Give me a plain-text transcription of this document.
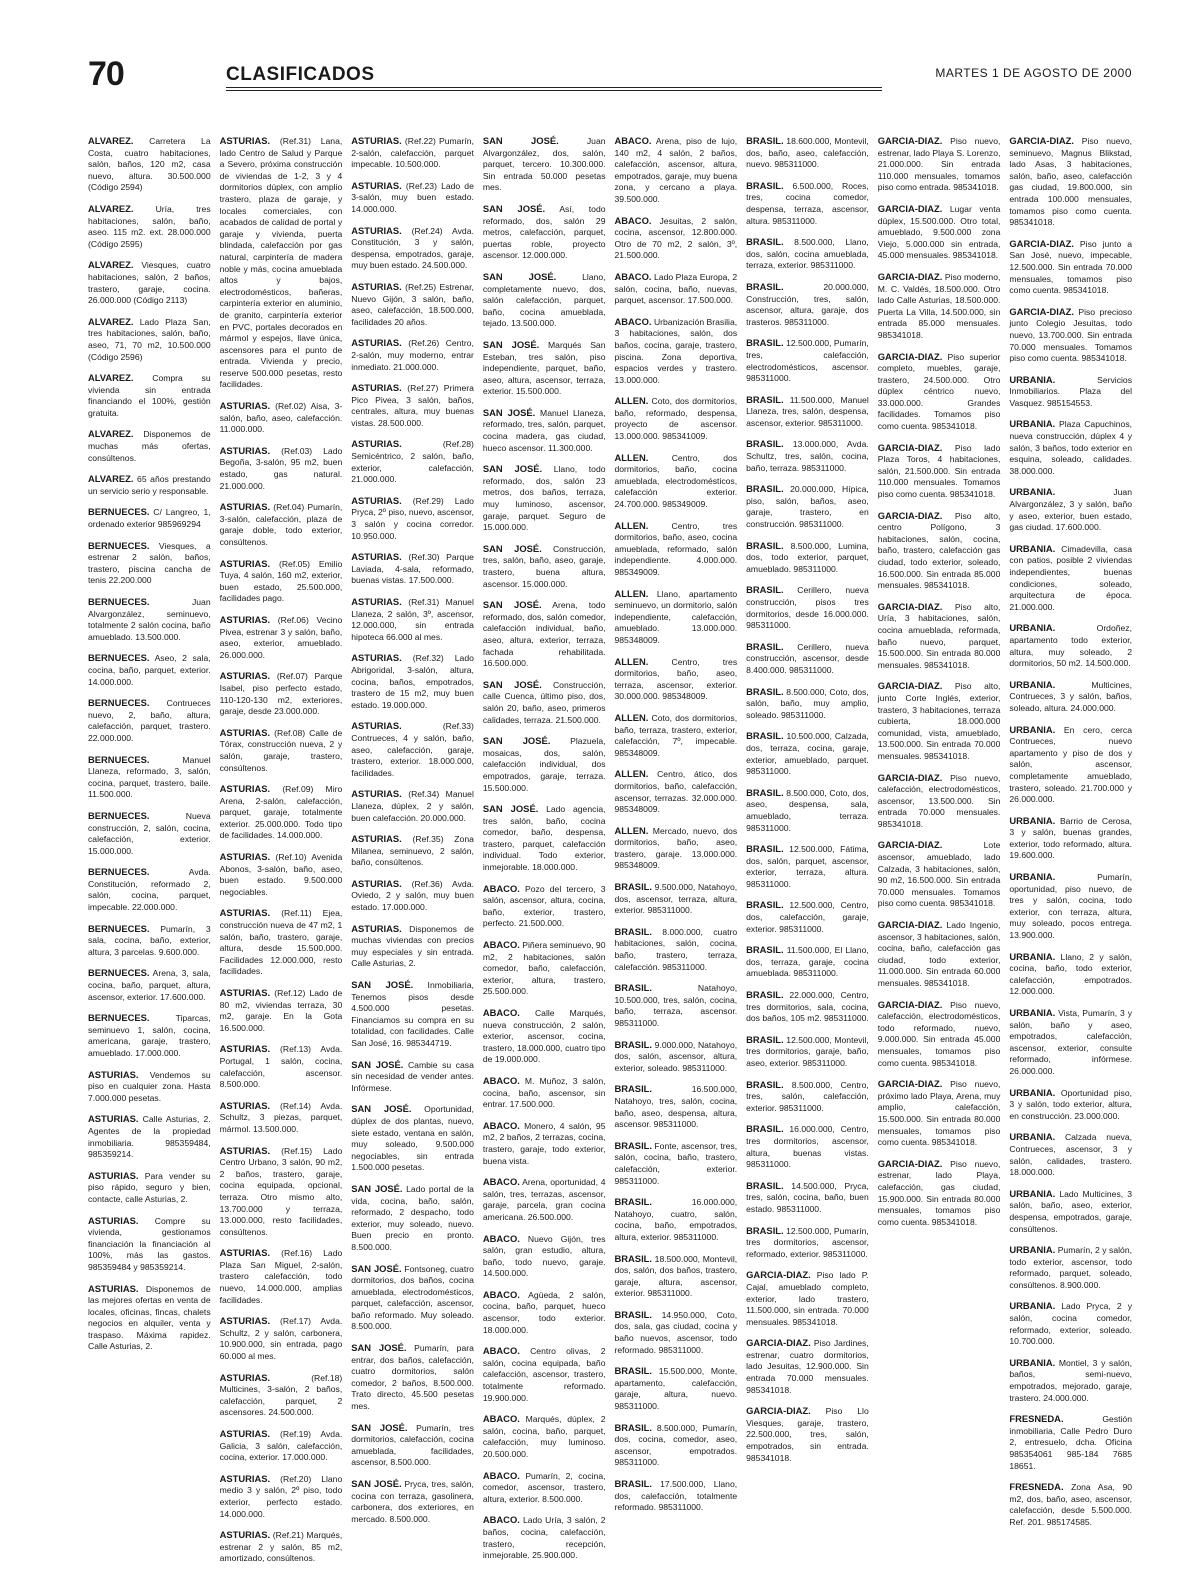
70	CLASIFICADOS	MARTES 1 DE AGOSTO DE 2000

ALVAREZ. Carretera La Costa, cuatro habitaciones, salón, baños, 120 m2, casa nuevo, altura. 30.500.000 (Código 2594)

ALVAREZ. Uría, tres habitaciones, salón, baño, aseo. 115 m2. ext. 28.000.000 (Código 2595)

ALVAREZ. Viesques, cuatro habitaciones, salón, 2 baños, trastero, garaje, cocina. 26.000.000 (Código 2113)

ALVAREZ. Lado Plaza San, tres habitaciones, salón, baño, aseo, 71, 70 m2, 10.500.000 (Código 2596)

ALVAREZ. Compra su vivienda sin entrada financiando el 100%, gestión gratuita.

ALVAREZ. Disponemos de muchas más ofertas, consúltenos.

ALVAREZ. 65 años prestando un servicio serio y responsable.

BERNUECES. C/ Langreo, 1, ordenado exterior 985969294

BERNUECES. Viesques, a estrenar 2 salón, baños, trastero, piscina cancha de tenis 22.200.000

BERNUECES. Juan Alvargonzález, seminuevo, totalmente 2 salón cocina, baño amueblado. 13.500.000.

BERNUECES. Aseo, 2 sala, cocina, baño, parquet, exterior. 14.000.000.

BERNUECES. Contrueces nuevo, 2, baño, altura, calefacción, parquet, trastero. 22.000.000.

BERNUECES. Manuel Llaneza, reformado, 3, salón, cocina, parquet, trastero, baile. 11.500.000.

BERNUECES. Nueva construcción, 2, salón, cocina, calefacción, exterior. 15.000.000.

BERNUECES. Avda. Constitución, reformado 2, salón, cocina, parquet, impecable. 22.000.000.

BERNUECES. Pumarín, 3 sala, cocina, baño, exterior, altura, 3 parcelas. 9.600.000.

BERNUECES. Arena, 3, sala, cocina, baño, parquet, altura, ascensor, exterior. 17.600.000.

BERNUECES. Tiparcas, seminuevo 1, salón, cocina, americana, garaje, trastero, amueblado. 17.000.000.

ASTURIAS. Vendemos su piso en cualquier zona. Hasta 7.000.000 pesetas.

ASTURIAS. Calle Asturias, 2. Agentes de la propiedad inmobiliaria. 985359484, 985359214.

ASTURIAS. Para vender su piso rápido, seguro y bien, contacte, calle Asturias, 2.

ASTURIAS. Compre su vivienda, gestionamos financiación la financiación al 100%, más las gastos. 985359484 y 985359214.

ASTURIAS. Disponemos de las mejores ofertas en venta de locales, oficinas, fincas, chalets negocios en alquiler, venta y traspaso. Máxima rapidez. Calle Asturias, 2.

ASTURIAS. (Ref.31) Lana, lado Centro de Salud y Parque a Severo, próxima construcción de viviendas de 1-2, 3 y 4 dormitorios dúplex, con amplio trastero, plaza de garaje, y locales comerciales, con acabados de calidad de portal y garaje y vivienda, puerta blindada, calefacción por gas natural, carpintería de madera noble y más, cocina amueblada altos y bajos, electrodomésticos, bañeras, carpintería exterior en aluminio, de granito, carpintería exterior en PVC, portales decorados en mármol y espejos, llave única, ascensores para el punto de entrada. Vivienda y precio, reserve 500.000 pesetas, resto facilidades.

ASTURIAS. (Ref.02) Aisa, 3-salón, baño, aseo, calefacción. 11.000.000.

ASTURIAS. (Ref.03) Lado Begoña, 3-salón, 95 m2, buen estado, gas natural. 21.000.000.

ASTURIAS. (Ref.04) Pumarín, 3-salón, calefacción, plaza de garaje doble, todo exterior, consúltenos.

ASTURIAS. (Ref.05) Emilio Tuya, 4 salón, 160 m2, exterior, buen estado, 25.500.000, facilidades pago.

ASTURIAS. (Ref.06) Vecino Pivea, estrenar 3 y salón, baño, aseo, exterior, amueblado. 26.000.000.

ASTURIAS. (Ref.07) Parque Isabel, piso perfecto estado, 110-120-130 m2, exteriores, garaje, desde 23.000.000.

ASTURIAS. (Ref.08) Calle de Tórax, construcción nueva, 2 y salón, garaje, trastero, consúltenos.

ASTURIAS. (Ref.09) Miro Arena, 2-salón, calefacción, parquet, garaje, totalmente exterior. 25.000.000. Todo tipo de facilidades. 14.000.000.

ASTURIAS. (Ref.10) Avenida Abonos, 3-salón, baño, aseo, buen estado. 9.500.000 negociables.

ASTURIAS. (Ref.11) Ejea, construcción nueva de 47 m2, 1 salón, baño, trastero, garaje, altura, desde 15.500.000. Facilidades 12.000.000, resto facilidades.

ASTURIAS. (Ref.12) Lado de 80 m2, viviendas terraza, 30 m2, garaje. En la Gota 16.500.000.

ASTURIAS. (Ref.13) Avda. Portugal, 1 salón, cocina, calefacción, ascensor. 8.500.000.

ASTURIAS. (Ref.14) Avda. Schultz, 3 piezas, parquet, mármol. 13.500.000.

ASTURIAS. (Ref.15) Lado Centro Urbano, 3 salón, 90 m2, 2 baños, trastero, garaje, cocina equipada, opcional, terraza. Otro mismo alto, 13.700.000 y terraza, 13.000.000, resto facilidades, consúltenos.

ASTURIAS. (Ref.16) Lado Plaza San Miguel, 2-salón, trastero calefacción, todo nuevo, 14.000.000, amplias facilidades.

ASTURIAS. (Ref.17) Avda. Schultz, 2 y salón, carbonera, 10.900.000, sin entrada, pago 60.000 al mes.

ASTURIAS. (Ref.18) Multicines, 3-salón, 2 baños, calefacción, parquet, 2 ascensores. 24.500.000.

ASTURIAS. (Ref.19) Avda. Galicia, 3 salón, calefacción, cocina, exterior. 17.000.000.

ASTURIAS. (Ref.20) Llano medio 3 y salón, 2º piso, todo exterior, perfecto estado. 14.000.000.

ASTURIAS. (Ref.21) Marqués, estrenar 2 y salón, 85 m2, amortizado, consúltenos.

ASTURIAS. (Ref.22) Pumarín, 2-salón, calefacción, parquet impecable. 10.500.000.

ASTURIAS. (Ref.23) Lado de 3-salón, muy buen estado. 14.000.000.

ASTURIAS. (Ref.24) Avda. Constitución, 3 y salón, despensa, empotrados, garaje, muy buen estado. 24.500.000.

ASTURIAS. (Ref.25) Estrenar, Nuevo Gijón, 3 salón, baño, aseo, calefacción, 18.500.000, facilidades 20 años.

ASTURIAS. (Ref.26) Centro, 2-salón, muy moderno, entrar inmediato. 21.000.000.

ASTURIAS. (Ref.27) Primera Pico Pivea, 3 salón, baños, centrales, altura, muy buenas vistas. 28.500.000.

ASTURIAS. (Ref.28) Semicéntrico, 2 salón, baño, exterior, calefacción, 21.000.000.

ASTURIAS. (Ref.29) Lado Pryca, 2º piso, nuevo, ascensor, 3 salón y cocina corredor. 10.950.000.

ASTURIAS. (Ref.30) Parque Laviada, 4-sala, reformado, buenas vistas. 17.500.000.

ASTURIAS. (Ref.31) Manuel Llaneza, 2 salón, 3º, ascensor, 12.000.000, sin entrada hipoteca 66.000 al mes.

ASTURIAS. (Ref.32) Lado Abrigoridal, 3-salón, altura, cocina, baños, empotrados, trastero de 15 m2, muy buen estado. 19.000.000.

ASTURIAS. (Ref.33) Contrueces, 4 y salón, baño, aseo, calefacción, garaje, trastero, exterior. 18.000.000, facilidades.

ASTURIAS. (Ref.34) Manuel Llaneza, dúplex, 2 y salón, buen calefacción. 20.000.000.

ASTURIAS. (Ref.35) Zona Milanea, seminuevo, 2 salón, baño, consúltenos.

ASTURIAS. (Ref.36) Avda. Oviedo, 2 y salón, muy buen estado. 17.000.000.

ASTURIAS. Disponemos de muchas viviendas con precios muy especiales y sin entrada. Calle Asturias, 2.

SAN JOSÉ. Inmobiliaria, Tenemos pisos desde 4.500.000 pesetas. Financiamos su compra en su totalidad, con facilidades. Calle San José, 16. 985344719.

SAN JOSÉ. Cambie su casa sin necesidad de vender antes. Infórmese.

SAN JOSÉ. Oportunidad, dúplex de dos plantas, nuevo, siete estado, ventana en salón, muy soleado, 9.500.000 negociables, sin entrada 1.500.000 pesetas.

SAN JOSÉ. Lado portal de la vida, cocina, baño, salón, reformado, 2 despacho, todo exterior, muy soleado, nuevo. Buen precio en pronto. 8.500.000.

SAN JOSÉ. Fontsoneg, cuatro dormitorios, dos baños, cocina amueblada, electrodomésticos, parquet, calefacción, ascensor, baño reformado. Muy soleado. 8.500.000.

SAN JOSÉ. Pumarín, para entrar, dos baños, calefacción, cuatro dormitorios, salón comedor, 2 baños, 8.500.000. Trato directo, 45.500 pesetas mes.

SAN JOSÉ. Pumarín, tres dormitorios, calefacción, cocina amueblada, facilidades, ascensor, 8.500.000.

SAN JOSÉ. Pryca, tres, salón, cocina con terraza, gasolinera, carbonera, dos exteriores, en mercado. 8.500.000.

SAN JOSÉ. Juan Alvargonzález, dos, salón, parquet, tercero. 10.300.000. Sin entrada 50.000 pesetas mes.

SAN JOSÉ. Así, todo reformado, dos, salón 29 metros, calefacción, parquet, puertas roble, proyecto ascensor. 12.000.000.

SAN JOSÉ. Llano, completamente nuevo, dos, salón calefacción, parquet, baño, cocina amueblada, tejado. 13.500.000.

SAN JOSÉ. Marqués San Esteban, tres salón, piso independiente, parquet, baño, aseo, altura, ascensor, terraza, exterior. 15.500.000.

SAN JOSÉ. Manuel Llaneza, reformado, tres, salón, parquet, cocina madera, gas ciudad, hueco ascensor. 11.300.000.

SAN JOSÉ. Llano, todo reformado, dos, salón 23 metros, dos baños, terraza, muy luminoso, ascensor, garaje, parquet. Seguro de 15.000.000.

SAN JOSÉ. Construcción, tres, salón, baño, aseo, garaje, trastero, buena altura, ascensor. 15.000.000.

SAN JOSÉ. Arena, todo reformado, dos, salón comedor, calefacción individual, baño, aseo, altura, exterior, terraza, fachada rehabilitada. 16.500.000.

SAN JOSÉ. Construcción, calle Cuenca, último piso, dos, salón 20, baño, aseo, primeros calidades, terraza. 21.500.000.

SAN JOSÉ. Plazuela, mosaicas, dos, salón, calefacción individual, dos empotrados, garaje, terraza. 15.500.000.

SAN JOSÉ. Lado agencia, tres salón, baño, cocina comedor, baño, despensa, trastero, parquet, calefacción individual. Todo exterior, inmejorable. 18.000.000.

ABACO. Pozo del tercero, 3 salón, ascensor, altura, cocina, baño, exterior, trastero, perfecto. 21.500.000.

ABACO. Piñera seminuevo, 90 m2, 2 habitaciones, salón comedor, baño, calefacción, exterior, altura, trastero, 25.500.000.

ABACO. Calle Marqués, nueva construcción, 2 salón, exterior, ascensor, cocina, trastero, 18.000.000, cuatro tipo de 19.000.000.

ABACO. M. Muñoz, 3 salón, cocina, baño, ascensor, sin entrar. 17.500.000.

ABACO. Monero, 4 salón, 95 m2, 2 baños, 2 terrazas, cocina, trastero, garaje, todo exterior, buena vista.

ABACO. Arena, oportunidad, 4 salón, tres, terrazas, ascensor, garaje, parcela, gran cocina americana. 26.500.000.

ABACO. Nuevo Gijón, tres salón, gran estudio, altura, baño, todo nuevo, garaje. 14.500.000.

ABACO. Agüeda, 2 salón, cocina, baño, parquet, hueco ascensor, todo exterior. 18.000.000.

ABACO. Centro olivas, 2 salón, cocina equipada, baño calefacción, ascensor, trastero, totalmente reformado. 19.900.000.

ABACO. Marqués, dúplex, 2 salón, cocina, baño, parquet, calefacción, muy luminoso. 20.500.000.

ABACO. Pumarín, 2, cocina, comedor, ascensor, trastero, altura, exterior. 8.500.000.

ABACO. Lado Uría, 3 salón, 2 baños, cocina, calefacción, trastero, recepción, inmejorable. 25.900.000.

ABACO. Arena, piso de lujo, 140 m2, 4 salón, 2 baños, calefacción, ascensor, altura, empotrados, garaje, muy buena zona, y cercano a playa. 39.500.000.

ABACO. Jesuitas, 2 salón, cocina, ascensor, 12.800.000. Otro de 70 m2, 2 salón, 3º, 21.500.000.

ABACO. Lado Plaza Europa, 2 salón, cocina, baño, nuevas, parquet, ascensor. 17.500.000.

ABACO. Urbanización Brasilia, 3 habitaciones, salón, dos baños, cocina, garaje, trastero, piscina. Zona deportiva, espacios verdes y trastero. 13.000.000.

ALLEN. Coto, dos dormitorios, baño, reformado, despensa, proyecto de ascensor. 13.000.000. 985341009.

ALLEN. Centro, dos dormitorios, baño, cocina amueblada, electrodomésticos, calefacción exterior. 24.700.000. 985349009.

ALLEN. Centro, tres dormitorios, baño, aseo, cocina amueblada, reformado, salón independiente. 4.000.000. 985349009.

ALLEN. Llano, apartamento seminuevo, un dormitorio, salón independiente, calefacción, amueblado. 13.000.000. 985348009.

ALLEN. Centro, tres dormitorios, baño, aseo, terraza, ascensor, exterior. 30.000.000. 985348009.

ALLEN. Coto, dos dormitorios, baño, terraza, trastero, exterior, calefacción, 7º, impecable. 985348009.

ALLEN. Centro, ático, dos dormitorios, baño, calefacción, ascensor, terrazas. 32.000.000. 985348009.

ALLEN. Mercado, nuevo, dos dormitorios, baño, aseo, trastero, garaje. 13.000.000. 985348009.

BRASIL. 9.500.000, Natahoyo, dos, ascensor, terraza, altura, exterior. 985311000.

BRASIL. 8.000.000, cuatro habitaciones, salón, cocina, baño, trastero, terraza, calefacción. 985311000.

BRASIL. Natahoyo, 10.500.000, tres, salón, cocina, baño, terraza, ascensor. 985311000.

BRASIL. 9.000.000, Natahoyo, dos, salón, ascensor, altura, exterior, soleado. 985311000.

BRASIL. 16.500.000, Natahoyo, tres, salón, cocina, baño, aseo, despensa, altura, ascensor. 985311000.

BRASIL. Fonte, ascensor, tres, salón, cocina, baño, trastero, calefacción, exterior. 985311000.

BRASIL. 16.000.000, Natahoyo, cuatro, salón, cocina, baño, empotrados, altura, exterior. 985311000.

BRASIL. 18.500.000, Montevil, dos, salón, dos baños, trastero, garaje, altura, ascensor, exterior. 985311000.

BRASIL. 14.950.000, Coto, dos, sala, gas ciudad, cocina y baño nuevos, ascensor, todo reformado. 985311000.

BRASIL. 15.500.000, Monte, apartamento, calefacción, garaje, altura, nuevo. 985311000.

BRASIL. 8.500.000, Pumarín, dos, cocina, comedor, aseo, ascensor, empotrados. 985311000.

BRASIL. 17.500.000, Llano, dos, calefacción, totalmente reformado. 985311000.

BRASIL. 18.600.000, Montevil, dos, baño, aseo, calefacción, nuevo. 985311000.

BRASIL. 6.500.000, Roces, tres, cocina comedor, despensa, terraza, ascensor, altura. 985311000.

BRASIL. 8.500.000, Llano, dos, salón, cocina amueblada, terraza, exterior. 985311000.

BRASIL. 20.000.000, Construcción, tres, salón, ascensor, altura, garaje, dos trasteros. 985311000.

BRASIL. 12.500.000, Pumarín, tres, calefacción, electrodomésticos, ascensor. 985311000.

BRASIL. 11.500.000, Manuel Llaneza, tres, salón, despensa, ascensor, exterior. 985311000.

BRASIL. 13.000.000, Avda. Schultz, tres, salón, cocina, baño, terraza. 985311000.

BRASIL. 20.000.000, Hípica, piso, salón, baños, aseo, garaje, trastero, en construcción. 985311000.

BRASIL. 8.500.000, Lumina, dos, todo exterior, parquet, amueblado. 985311000.

BRASIL. Cerillero, nueva construcción, pisos tres dormitorios, desde 16.000.000. 985311000.

BRASIL. Cerillero, nueva construcción, ascensor, desde 8.400.000. 985311000.

BRASIL. 8.500.000, Coto, dos, salón, baño, muy amplio, soleado. 985311000.

BRASIL. 10.500.000, Calzada, dos, terraza, cocina, garaje, exterior, amueblado, parquet. 985311000.

BRASIL. 8.500.000, Coto, dos, aseo, despensa, sala, amueblado, terraza. 985311000.

BRASIL. 12.500.000, Fátima, dos, salón, parquet, ascensor, exterior, terraza, altura. 985311000.

BRASIL. 12.500.000, Centro, dos, calefacción, garaje, exterior. 985311000.

BRASIL. 11.500.000, El Llano, dos, terraza, garaje, cocina amueblada. 985311000.

BRASIL. 22.000.000, Centro, tres dormitorios, sala, cocina, dos baños, 105 m2. 985311000.

BRASIL. 12.500.000, Montevil, tres dormitorios, garaje, baño, aseo, exterior. 985311000.

BRASIL. 8.500.000, Centro, tres, salón, calefacción, exterior. 985311000.

BRASIL. 16.000.000, Centro, tres dormitorios, ascensor, altura, buenas vistas. 985311000.

BRASIL. 14.500.000, Pryca, tres, salón, cocina, baño, buen estado. 985311000.

BRASIL. 12.500.000, Pumarín, tres dormitorios, ascensor, reformado, exterior. 985311000.

GARCIA-DIAZ. Piso lado P. Cajal, amueblado completo, exterior, lado trastero, 11.500.000, sin entrada. 70.000 mensuales. 985341018.

GARCIA-DIAZ. Piso Jardines, estrenar, cuatro dormitorios, lado Jesuitas, 12.900.000. Sin entrada 70.000 mensuales. 985341018.

GARCIA-DIAZ. Piso Llo Viesques, garaje, trastero, 22.500.000, tres, salón, empotrados, sin entrada. 985341018.

GARCIA-DIAZ. Piso nuevo, estrenar, lado Playa S. Lorenzo, 21.000.000. Sin entrada 110.000 mensuales, tomamos piso como entrada. 985341018.

GARCIA-DIAZ. Lugar venta dúplex, 15.500.000. Otro total, amueblado, 9.500.000 zona Viejo, 5.000.000 sin entrada, 45.000 mensuales. 985341018.

GARCIA-DIAZ. Piso moderno, M. C. Valdés, 18.500.000. Otro lado Calle Asturias, 18.500.000. Puerta La Villa, 14.500.000, sin entrada 85.000 mensuales. 985341018.

GARCIA-DIAZ. Piso superior completo, muebles, garaje, trastero, 24.500.000. Otro dúplex céntrico nuevo, 33.000.000. Grandes facilidades. Tomamos piso como cuenta. 985341018.

GARCIA-DIAZ. Piso lado Plaza Toros, 4 habitaciones, salón, 21.500.000. Sin entrada 110.000 mensuales. Tomamos piso como cuenta. 985341018.

GARCIA-DIAZ. Piso alto, centro Polígono, 3 habitaciones, salón, cocina, baño, trastero, calefacción gas ciudad, todo exterior, soleado, 16.500.000. Sin entrada 85.000 mensuales. 985341018.

GARCIA-DIAZ. Piso alto, Uría, 3 habitaciones, salón, cocina amueblada, reformada, baño nuevo, parquet, 15.500.000. Sin entrada 80.000 mensuales. 985341018.

GARCIA-DIAZ. Piso alto, junto Corte Inglés, exterior, trastero, 3 habitaciones, terraza cubierta, 18.000.000 comunidad, vista, amueblado, 13.500.000. Sin entrada 70.000 mensuales. 985341018.

GARCIA-DIAZ. Piso nuevo, calefacción, electrodomésticos, ascensor, 13.500.000. Sin entrada 70.000 mensuales. 985341018.

GARCIA-DIAZ. Lote ascensor, amueblado, lado Calzada, 3 habitaciones, salón, 90 m2, 16.500.000. Sin entrada 70.000 mensuales. Tomamos piso como cuenta. 985341018.

GARCIA-DIAZ. Lado Ingenio, ascensor, 3 habitaciones, salón, cocina, baño, calefacción gas ciudad, todo exterior, 11.000.000. Sin entrada 60.000 mensuales. 985341018.

GARCIA-DIAZ. Piso nuevo, calefacción, electrodomésticos, todo reformado, nuevo, 9.000.000. Sin entrada 45.000 mensuales, tomamos piso como cuenta. 985341018.

GARCIA-DIAZ. Piso nuevo, próximo lado Playa, Arena, muy amplio, calefacción, 15.500.000. Sin entrada 80.000 mensuales, tomamos piso como cuenta. 985341018.

GARCIA-DIAZ. Piso nuevo, estrenar, lado Playa, calefacción, gas ciudad, 15.900.000. Sin entrada 80.000 mensuales, tomamos piso como cuenta. 985341018.

GARCIA-DIAZ. Piso nuevo, seminuevo, Magnus Blikstad, lado Asas, 3 habitaciones, salón, baño, aseo, calefacción gas ciudad, 19.800.000, sin entrada 100.000 mensuales, tomamos piso como cuenta. 985341018.

GARCIA-DIAZ. Piso junto a San José, nuevo, impecable, 12.500.000. Sin entrada 70.000 mensuales, tomamos piso como cuenta. 985341018.

GARCIA-DIAZ. Piso precioso junto Colegio Jesuitas, todo nuevo, 13.700.000. Sin entrada 70.000 mensuales. Tomamos piso como cuenta. 985341018.

URBANIA. Servicios Inmobiliarios. Plaza del Vasquez. 985154553.

URBANIA. Plaza Capuchinos, nueva construcción, dúplex 4 y salón, 3 baños, todo exterior en esquina, soleado, calidades. 38.000.000.

URBANIA. Juan Alvargonzález, 3 y salón, baño y aseo, exterior, buen estado, gas ciudad. 17.600.000.

URBANIA. Cimadevilla, casa con patios, posible 2 viviendas independientes, buenas condiciones, soleado, arquitectura de época. 21.000.000.

URBANIA. Ordoñez, apartamento todo exterior, altura, muy soleado, 2 dormitorios, 50 m2. 14.500.000.

URBANIA. Multicines, Contrueces, 3 y salón, baños, soleado, altura. 24.000.000.

URBANIA. En cero, cerca Contrueces, nuevo apartamento y piso de dos y salón, ascensor, completamente amueblado, trastero, soleado. 21.700.000 y 26.000.000.

URBANIA. Barrio de Cerosa, 3 y salón, buenas grandes, exterior, todo reformado, altura. 19.600.000.

URBANIA. Pumarín, oportunidad, piso nuevo, de tres y salón, cocina, todo exterior, con terraza, altura, muy soleado, pocos entrega. 13.900.000.

URBANIA. Llano, 2 y salón, cocina, baño, todo exterior, calefacción, empotrados. 12.000.000.

URBANIA. Vista, Pumarín, 3 y salón, baño y aseo, empotrados, calefacción, ascensor, exterior, consulte reformado, infórmese. 26.000.000.

URBANIA. Oportunidad piso, 3 y salón, todo exterior, altura, en construcción. 23.000.000.

URBANIA. Calzada nueva, Contrueces, ascensor, 3 y salón, calidades, trastero. 18.000.000.

URBANIA. Lado Multicines, 3 salón, baño, aseo, exterior, despensa, empotrados, garaje, consúltenos.

URBANIA. Pumarín, 2 y salón, todo exterior, ascensor, todo reformado, parquet, soleado, consúltenos. 8.900.000.

URBANIA. Lado Pryca, 2 y salón, cocina comedor, reformado, exterior, soleado. 10.700.000.

URBANIA. Montiel, 3 y salón, baños, semi-nuevo, empotrados, mejorado, garaje, trastero. 24.000.000.

FRESNEDA. Gestión inmobiliaria, Calle Pedro Duro 2, entresuelo, dcha. Oficina 985354061 985-184 7685 18651.

FRESNEDA. Zona Asa, 90 m2, dos, baño, aseo, ascensor, calefacción, desde 5.500.000. Ref. 201. 985174585.
